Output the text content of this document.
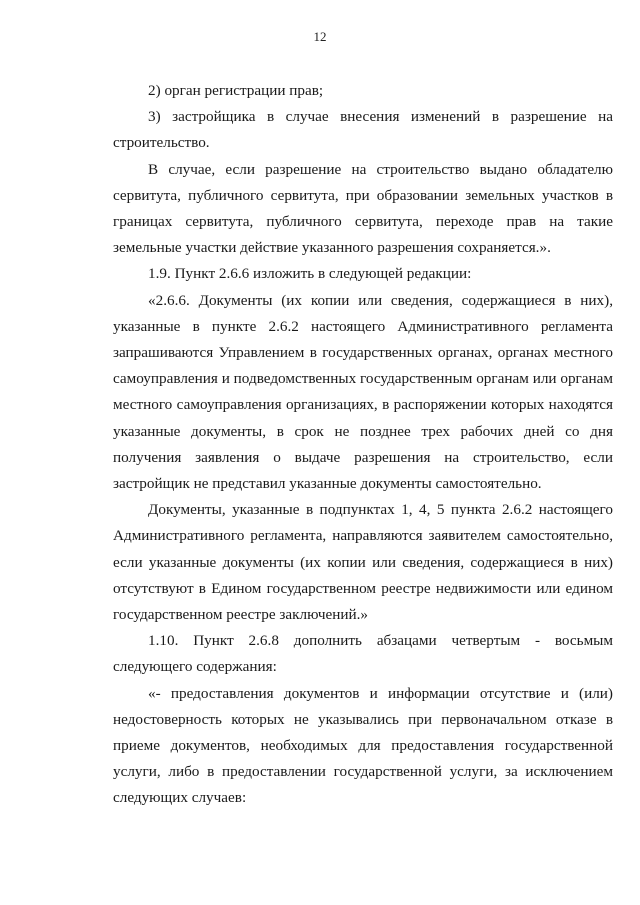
12

2) орган регистрации прав;

3) застройщика в случае внесения изменений в разрешение на строительство.

В случае, если разрешение на строительство выдано обладателю сервитута, публичного сервитута, при образовании земельных участков в границах сервитута, публичного сервитута, переходе прав на такие земельные участки действие указанного разрешения сохраняется.».

1.9. Пункт 2.6.6 изложить в следующей редакции:

«2.6.6. Документы (их копии или сведения, содержащиеся в них), указанные в пункте 2.6.2 настоящего Административного регламента запрашиваются Управлением в государственных органах, органах местного самоуправления и подведомственных государственным органам или органам местного самоуправления организациях, в распоряжении которых находятся указанные документы, в срок не позднее трех рабочих дней со дня получения заявления о выдаче разрешения на строительство, если застройщик не представил указанные документы самостоятельно.

Документы, указанные в подпунктах 1, 4, 5 пункта 2.6.2 настоящего Административного регламента, направляются заявителем самостоятельно, если указанные документы (их копии или сведения, содержащиеся в них) отсутствуют в Едином государственном реестре недвижимости или едином государственном реестре заключений.»

1.10. Пункт 2.6.8 дополнить абзацами четвертым - восьмым следующего содержания:

«- предоставления документов и информации отсутствие и (или) недостоверность которых не указывались при первоначальном отказе в приеме документов, необходимых для предоставления государственной услуги, либо в предоставлении государственной услуги, за исключением следующих случаев:
